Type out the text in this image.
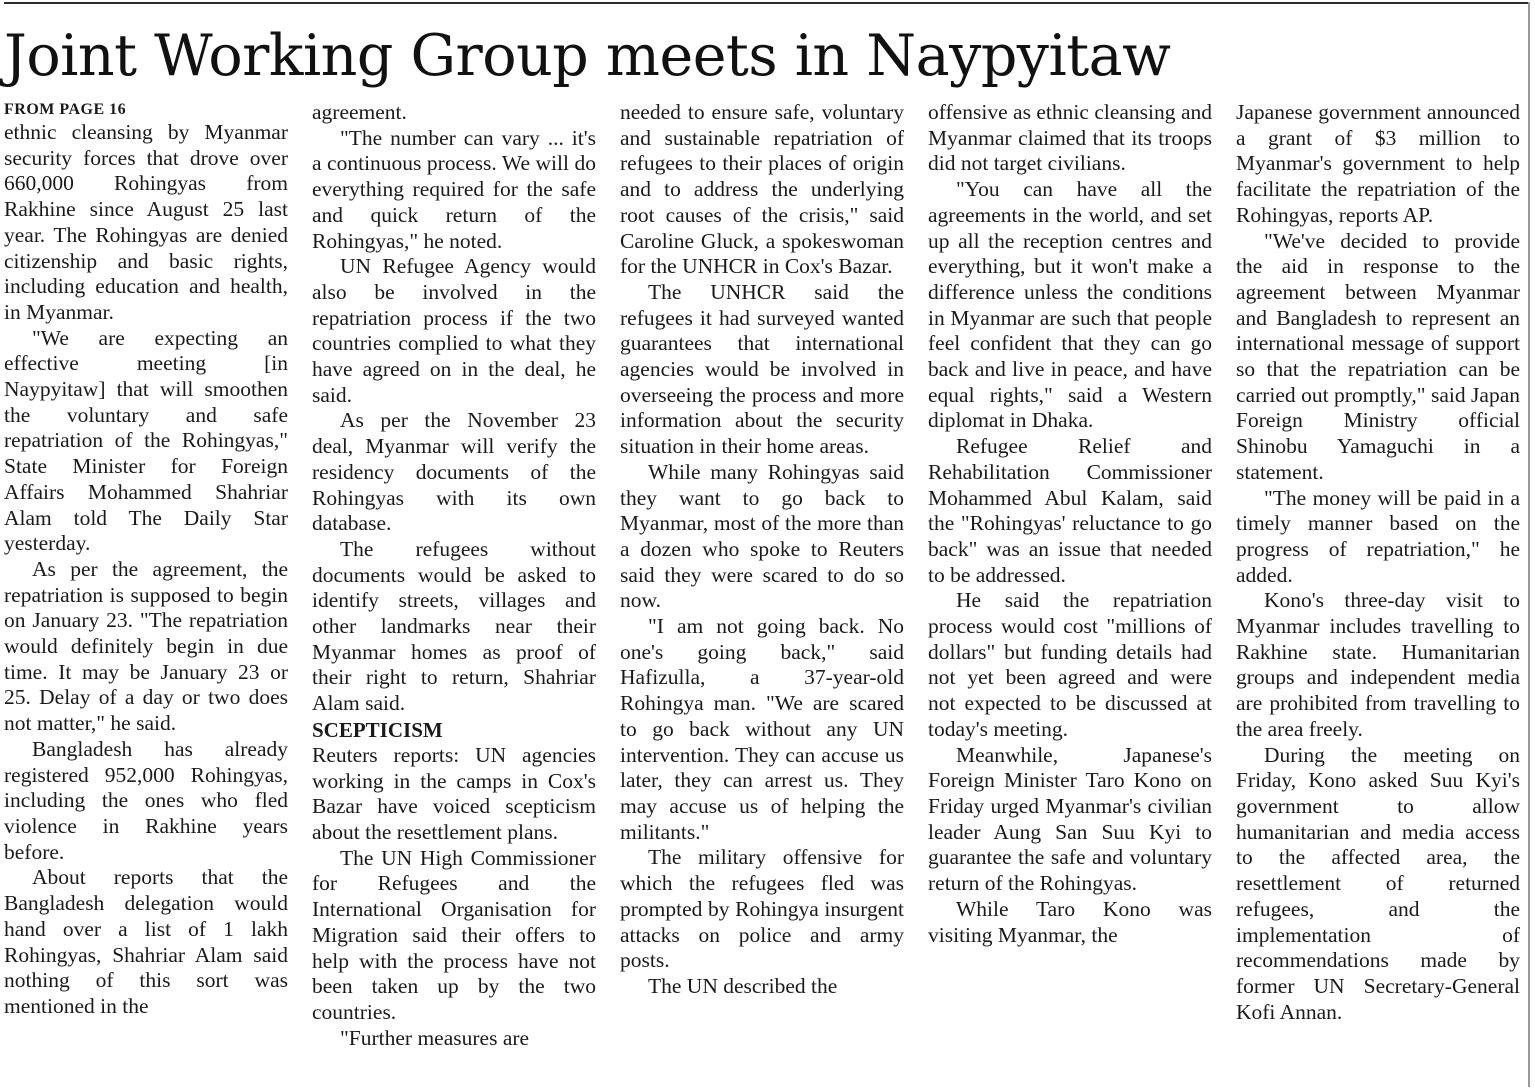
Joint Working Group meets in Naypyitaw
FROM PAGE 16

ethnic cleansing by Myanmar security forces that drove over 660,000 Rohingyas from Rakhine since August 25 last year. The Rohingyas are denied citizenship and basic rights, including education and health, in Myanmar.

"We are expecting an effective meeting [in Naypyitaw] that will smoothen the voluntary and safe repatriation of the Rohingyas," State Minister for Foreign Affairs Mohammed Shahriar Alam told The Daily Star yesterday.

As per the agreement, the repatriation is supposed to begin on January 23. "The repatriation would definitely begin in due time. It may be January 23 or 25. Delay of a day or two does not matter," he said.

Bangladesh has already registered 952,000 Rohingyas, including the ones who fled violence in Rakhine years before.

About reports that the Bangladesh delegation would hand over a list of 1 lakh Rohingyas, Shahriar Alam said nothing of this sort was mentioned in the

agreement.

"The number can vary ... it's a continuous process. We will do everything required for the safe and quick return of the Rohingyas," he noted.

UN Refugee Agency would also be involved in the repatriation process if the two countries complied to what they have agreed on in the deal, he said.

As per the November 23 deal, Myanmar will verify the residency documents of the Rohingyas with its own database.

The refugees without documents would be asked to identify streets, villages and other landmarks near their Myanmar homes as proof of their right to return, Shahriar Alam said.

SCEPTICISM

Reuters reports: UN agencies working in the camps in Cox's Bazar have voiced scepticism about the resettlement plans.

The UN High Commissioner for Refugees and the International Organisation for Migration said their offers to help with the process have not been taken up by the two countries.

"Further measures are

needed to ensure safe, voluntary and sustainable repatriation of refugees to their places of origin and to address the underlying root causes of the crisis," said Caroline Gluck, a spokeswoman for the UNHCR in Cox's Bazar.

The UNHCR said the refugees it had surveyed wanted guarantees that international agencies would be involved in overseeing the process and more information about the security situation in their home areas.

While many Rohingyas said they want to go back to Myanmar, most of the more than a dozen who spoke to Reuters said they were scared to do so now.

"I am not going back. No one's going back," said Hafizulla, a 37-year-old Rohingya man. "We are scared to go back without any UN intervention. They can accuse us later, they can arrest us. They may accuse us of helping the militants."

The military offensive for which the refugees fled was prompted by Rohingya insurgent attacks on police and army posts.

The UN described the

offensive as ethnic cleansing and Myanmar claimed that its troops did not target civilians.

"You can have all the agreements in the world, and set up all the reception centres and everything, but it won't make a difference unless the conditions in Myanmar are such that people feel confident that they can go back and live in peace, and have equal rights," said a Western diplomat in Dhaka.

Refugee Relief and Rehabilitation Commissioner Mohammed Abul Kalam, said the "Rohingyas' reluctance to go back" was an issue that needed to be addressed.

He said the repatriation process would cost "millions of dollars" but funding details had not yet been agreed and were not expected to be discussed at today's meeting.

Meanwhile, Japanese's Foreign Minister Taro Kono on Friday urged Myanmar's civilian leader Aung San Suu Kyi to guarantee the safe and voluntary return of the Rohingyas.

While Taro Kono was visiting Myanmar, the

Japanese government announced a grant of $3 million to Myanmar's government to help facilitate the repatriation of the Rohingyas, reports AP.

"We've decided to provide the aid in response to the agreement between Myanmar and Bangladesh to represent an international message of support so that the repatriation can be carried out promptly," said Japan Foreign Ministry official Shinobu Yamaguchi in a statement.

"The money will be paid in a timely manner based on the progress of repatriation," he added.

Kono's three-day visit to Myanmar includes travelling to Rakhine state. Humanitarian groups and independent media are prohibited from travelling to the area freely.

During the meeting on Friday, Kono asked Suu Kyi's government to allow humanitarian and media access to the affected area, the resettlement of returned refugees, and the implementation of recommendations made by former UN Secretary-General Kofi Annan.
